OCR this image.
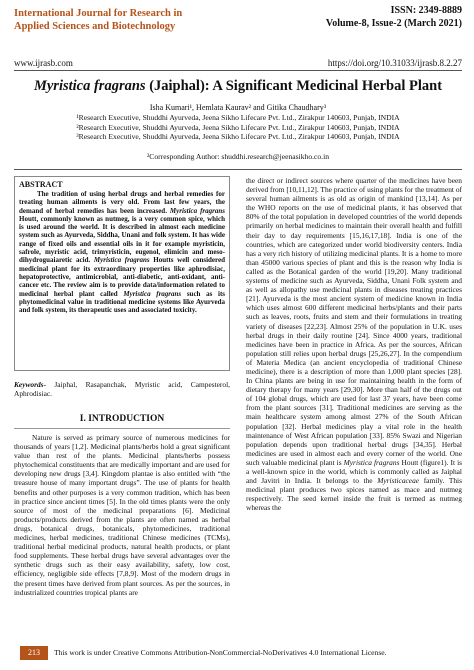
International Journal for Research in
Applied Sciences and Biotechnology
ISSN: 2349-8889
Volume-8, Issue-2 (March 2021)
www.ijrasb.com	https://doi.org/10.31033/ijrasb.8.2.27
Myristica fragrans (Jaiphal): A Significant Medicinal Herbal Plant
Isha Kumari¹, Hemlata Kaurav² and Gitika Chaudhary³
¹Research Executive, Shuddhi Ayurveda, Jeena Sikho Lifecare Pvt. Ltd., Zirakpur 140603, Punjab, INDIA
²Research Executive, Shuddhi Ayurveda, Jeena Sikho Lifecare Pvt. Ltd., Zirakpur 140603, Punjab, INDIA
³Research Executive, Shuddhi Ayurveda, Jeena Sikho Lifecare Pvt. Ltd., Zirakpur 140603, Punjab, INDIA
²Corresponding Author: shuddhi.research@jeenasikho.co.in
ABSTRACT
The tradition of using herbal drugs and herbal remedies for treating human ailments is very old. From last few years, the demand of herbal remedies has been increased. Myristica fragrans Houtt, commonly known as nutmeg, is a very common spice, which is used around the world. It is described in almost each medicine system such as Ayurveda, Siddha, Unani and folk system. It has wide range of fixed oils and essential oils in it for example myristicin, safrole, myristic acid, trimyristicin, eugenol, elimicin and meso-dihydroguaiaretic acid. Myristica fragrans Houtts well considered medicinal plant for its extraordinary properties like aphrodisiac, hepatoprotective, antimicrobial, anti-diabetic, anti-oxidant, anti-cancer etc. The review aim is to provide data/information related to medicinal herbal plant called Myristica fragrans such as its phytomedicinal value in traditional medicine systems like Ayurveda and folk system, its therapeutic uses and associated toxicity.
Keywords- Jaiphal, Rasapanchak, Myristic acid, Campesterol, Aphrodisiac.
I. INTRODUCTION
Nature is served as primary source of numerous medicines for thousands of years [1,2]. Medicinal plants/herbs hold a great significant value than rest of the plants. Medicinal plants/herbs possess phytochemical constituents that are medically important and are used for developing new drugs [3,4]. Kingdom plantae is also entitled with “the treasure house of many important drugs”. The use of plants for health benefits and other purposes is a very common tradition, which has been in practice since ancient times [5]. In the old times plants were the only source of most of the medicinal preparations [6]. Medicinal products/products derived from the plants are often named as herbal drugs, botanical drugs, botanicals, phytomedicines, traditional medicines, herbal medicines, traditional Chinese medicines (TCMs), traditional herbal medicinal products, natural health products, or plant food supplements. These herbal drugs have several advantages over the synthetic drugs such as their easy availability, safety, low cost, efficiency, negligible side effects [7,8,9]. Most of the modern drugs in the present times have derived from plant sources. As per the sources, in industrialized countries tropical plants are
the direct or indirect sources where quarter of the medicines have been derived from [10,11,12]. The practice of using plants for the treatment of several human ailments is as old as origin of mankind [13,14]. As per the WHO reports on the use of medicinal plants, it has observed that 80% of the total population in developed countries of the world depends primarily on herbal medicines to maintain their overall health and fulfill their day to day requirements [15,16,17,18]. India is one of the countries, which are categorized under world biodiversity centers. India has a very rich history of utilizing medicinal plants. It is a home to more than 45000 various species of plant and this is the reason why India is called as the Botanical garden of the world [19,20]. Many traditional systems of medicine such as Ayurveda, Siddha, Unani Folk system and as well as allopathy use medicinal plants in diseases treating practices [21]. Ayurveda is the most ancient system of medicine known in India which uses almost 600 different medicinal herbs/plants and their parts such as leaves, roots, fruits and stem and their formulations in treating variety of diseases [22,23]. Almost 25% of the population in U.K. uses herbal drugs in their daily routine [24]. Since 4000 years, traditional medicines have been in practice in Africa. As per the sources, African population still relies upon herbal drugs [25,26,27]. In the compendium of Materia Medica (an ancient encyclopedia of traditional Chinese medicine), there is a description of more than 1,000 plant species [28]. In China plants are being in use for maintaining health in the form of dietary therapy for many years [29,30]. More than half of the drugs out of 104 global drugs, which are used for last 37 years, have been come from the plant sources [31]. Traditional medicines are serving as the main healthcare system among almost 27% of the South African population [32]. Herbal medicines play a vital role in the health maintenance of West African population [33]. 85% Swazi and Nigerian population depends upon traditional herbal drugs [34,35]. Herbal medicines are used in almost each and every corner of the world. One such valuable medicinal plant is Myristica fragrans Houtt (figure1). It is a well-known spice in the world, which is commonly called as Jaiphal and Javitri in India. It belongs to the Myristicaceae family. This medicinal plant produces two spices named as mace and nutmeg respectively. The seed kernel inside the fruit is termed as nutmeg whereas the
213	This work is under Creative Commons Attribution-NonCommercial-NoDerivatives 4.0 International License.
